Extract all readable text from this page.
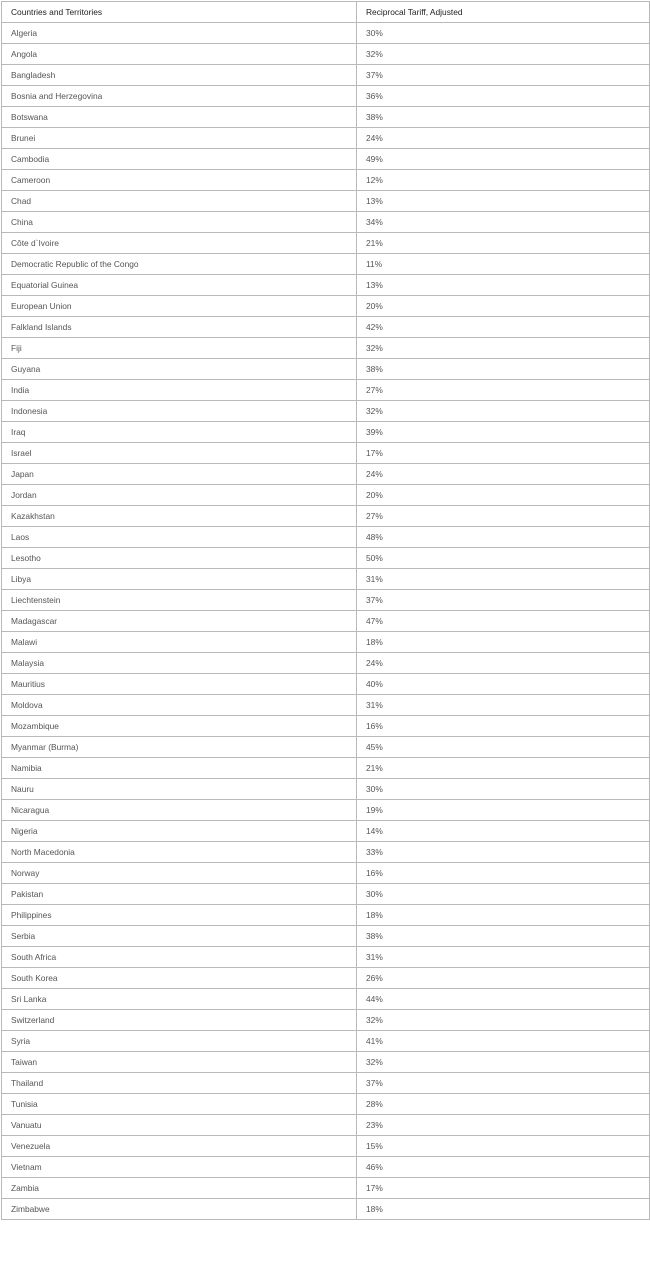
Countries and Territories	Reciprocal Tariff, Adjusted
Algeria	30%
Angola	32%
Bangladesh	37%
Bosnia and Herzegovina	36%
Botswana	38%
Brunei	24%
Cambodia	49%
Cameroon	12%
Chad	13%
China	34%
Côte d`Ivoire	21%
Democratic Republic of the Congo	11%
Equatorial Guinea	13%
European Union	20%
Falkland Islands	42%
Fiji	32%
Guyana	38%
India	27%
Indonesia	32%
Iraq	39%
Israel	17%
Japan	24%
Jordan	20%
Kazakhstan	27%
Laos	48%
Lesotho	50%
Libya	31%
Liechtenstein	37%
Madagascar	47%
Malawi	18%
Malaysia	24%
Mauritius	40%
Moldova	31%
Mozambique	16%
Myanmar (Burma)	45%
Namibia	21%
Nauru	30%
Nicaragua	19%
Nigeria	14%
North Macedonia	33%
Norway	16%
Pakistan	30%
Philippines	18%
Serbia	38%
South Africa	31%
South Korea	26%
Sri Lanka	44%
Switzerland	32%
Syria	41%
Taiwan	32%
Thailand	37%
Tunisia	28%
Vanuatu	23%
Venezuela	15%
Vietnam	46%
Zambia	17%
Zimbabwe	18%
